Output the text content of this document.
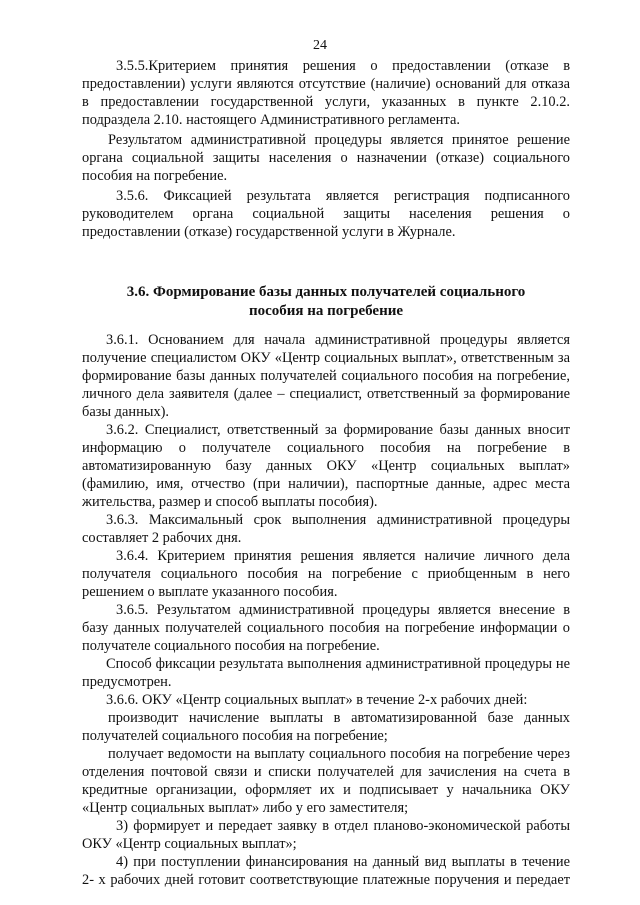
24

3.5.5.Критерием принятия решения о предоставлении (отказе в предоставлении) услуги являются отсутствие (наличие) оснований для отказа в предоставлении государственной услуги, указанных в пункте 2.10.2. подраздела 2.10. настоящего Административного регламента.

Результатом административной процедуры является принятое решение органа социальной защиты населения о назначении (отказе) социального пособия на погребение.

3.5.6. Фиксацией результата является регистрация подписанного руководителем органа социальной защиты населения решения о предоставлении (отказе) государственной услуги в Журнале.

3.6. Формирование базы данных получателей социального
пособия на погребение

3.6.1. Основанием для начала административной процедуры является получение специалистом ОКУ «Центр социальных выплат», ответственным за формирование базы данных получателей социального пособия на погребение, личного дела заявителя (далее – специалист, ответственный за формирование базы данных).

3.6.2. Специалист, ответственный за формирование базы данных вносит информацию о получателе социального пособия на погребение в автоматизированную базу данных ОКУ «Центр социальных выплат» (фамилию, имя, отчество (при наличии), паспортные данные, адрес места жительства, размер и способ выплаты пособия).

3.6.3. Максимальный срок выполнения административной процедуры составляет 2 рабочих дня.

3.6.4. Критерием принятия решения является наличие личного дела получателя социального пособия на погребение с приобщенным в него решением о выплате указанного пособия.

3.6.5. Результатом административной процедуры является внесение в базу данных получателей социального пособия на погребение информации о получателе социального пособия на погребение.

Способ фиксации результата выполнения административной процедуры не предусмотрен.

3.6.6. ОКУ «Центр социальных выплат» в течение 2-х рабочих дней:

производит начисление выплаты в автоматизированной базе данных получателей социального пособия на погребение;

получает ведомости на выплату социального пособия на погребение через отделения почтовой связи и списки получателей для зачисления на счета в кредитные организации, оформляет их и подписывает у начальника ОКУ «Центр социальных выплат» либо у его заместителя;

3) формирует и передает заявку в отдел планово-экономической работы ОКУ «Центр социальных выплат»;

4) при поступлении финансирования на данный вид выплаты в течение 2- х рабочих дней готовит соответствующие платежные поручения и передает
